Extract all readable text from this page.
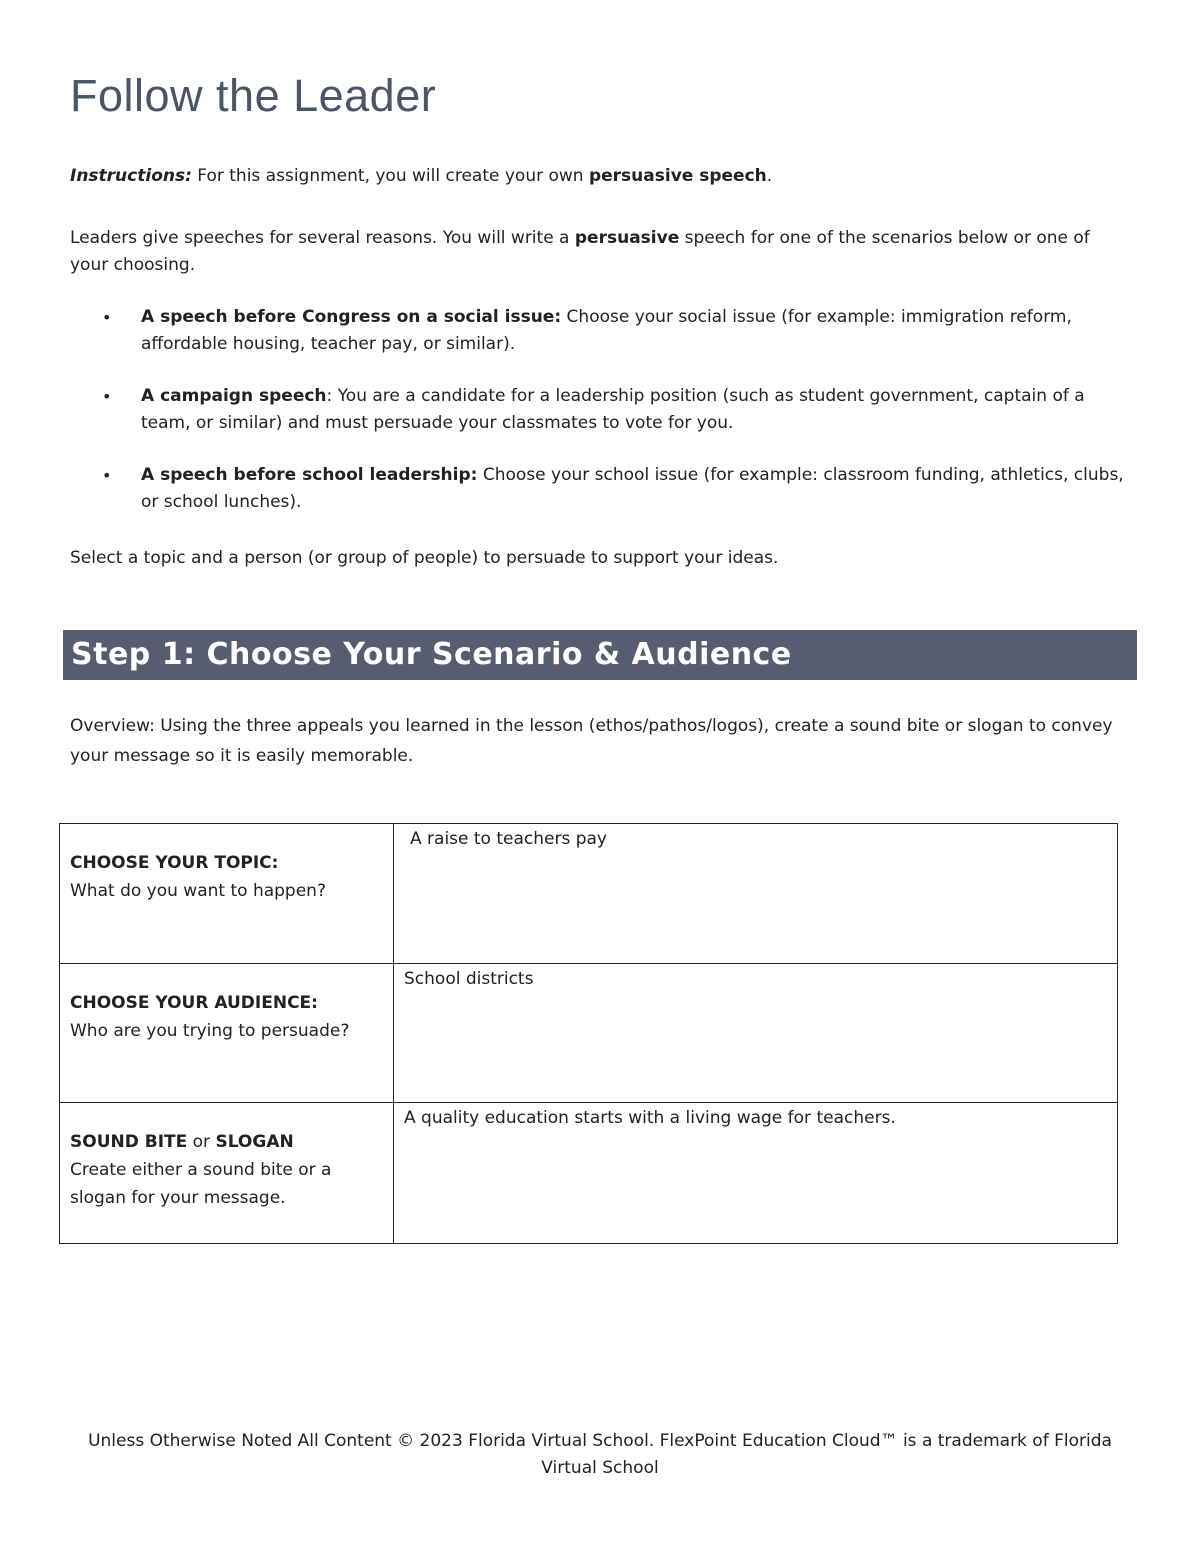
Follow the Leader

Instructions: For this assignment, you will create your own persuasive speech.

Leaders give speeches for several reasons. You will write a persuasive speech for one of the scenarios below or one of your choosing.

• A speech before Congress on a social issue: Choose your social issue (for example: immigration reform, affordable housing, teacher pay, or similar).
• A campaign speech: You are a candidate for a leadership position (such as student government, captain of a team, or similar) and must persuade your classmates to vote for you.
• A speech before school leadership: Choose your school issue (for example: classroom funding, athletics, clubs, or school lunches).

Select a topic and a person (or group of people) to persuade to support your ideas.

Step 1: Choose Your Scenario & Audience

Overview: Using the three appeals you learned in the lesson (ethos/pathos/logos), create a sound bite or slogan to convey your message so it is easily memorable.

CHOOSE YOUR TOPIC:
What do you want to happen?	A raise to teachers pay
CHOOSE YOUR AUDIENCE:
Who are you trying to persuade?	School districts
SOUND BITE or SLOGAN
Create either a sound bite or a slogan for your message.	A quality education starts with a living wage for teachers.

Unless Otherwise Noted All Content © 2023 Florida Virtual School. FlexPoint Education Cloud™ is a trademark of Florida Virtual School
